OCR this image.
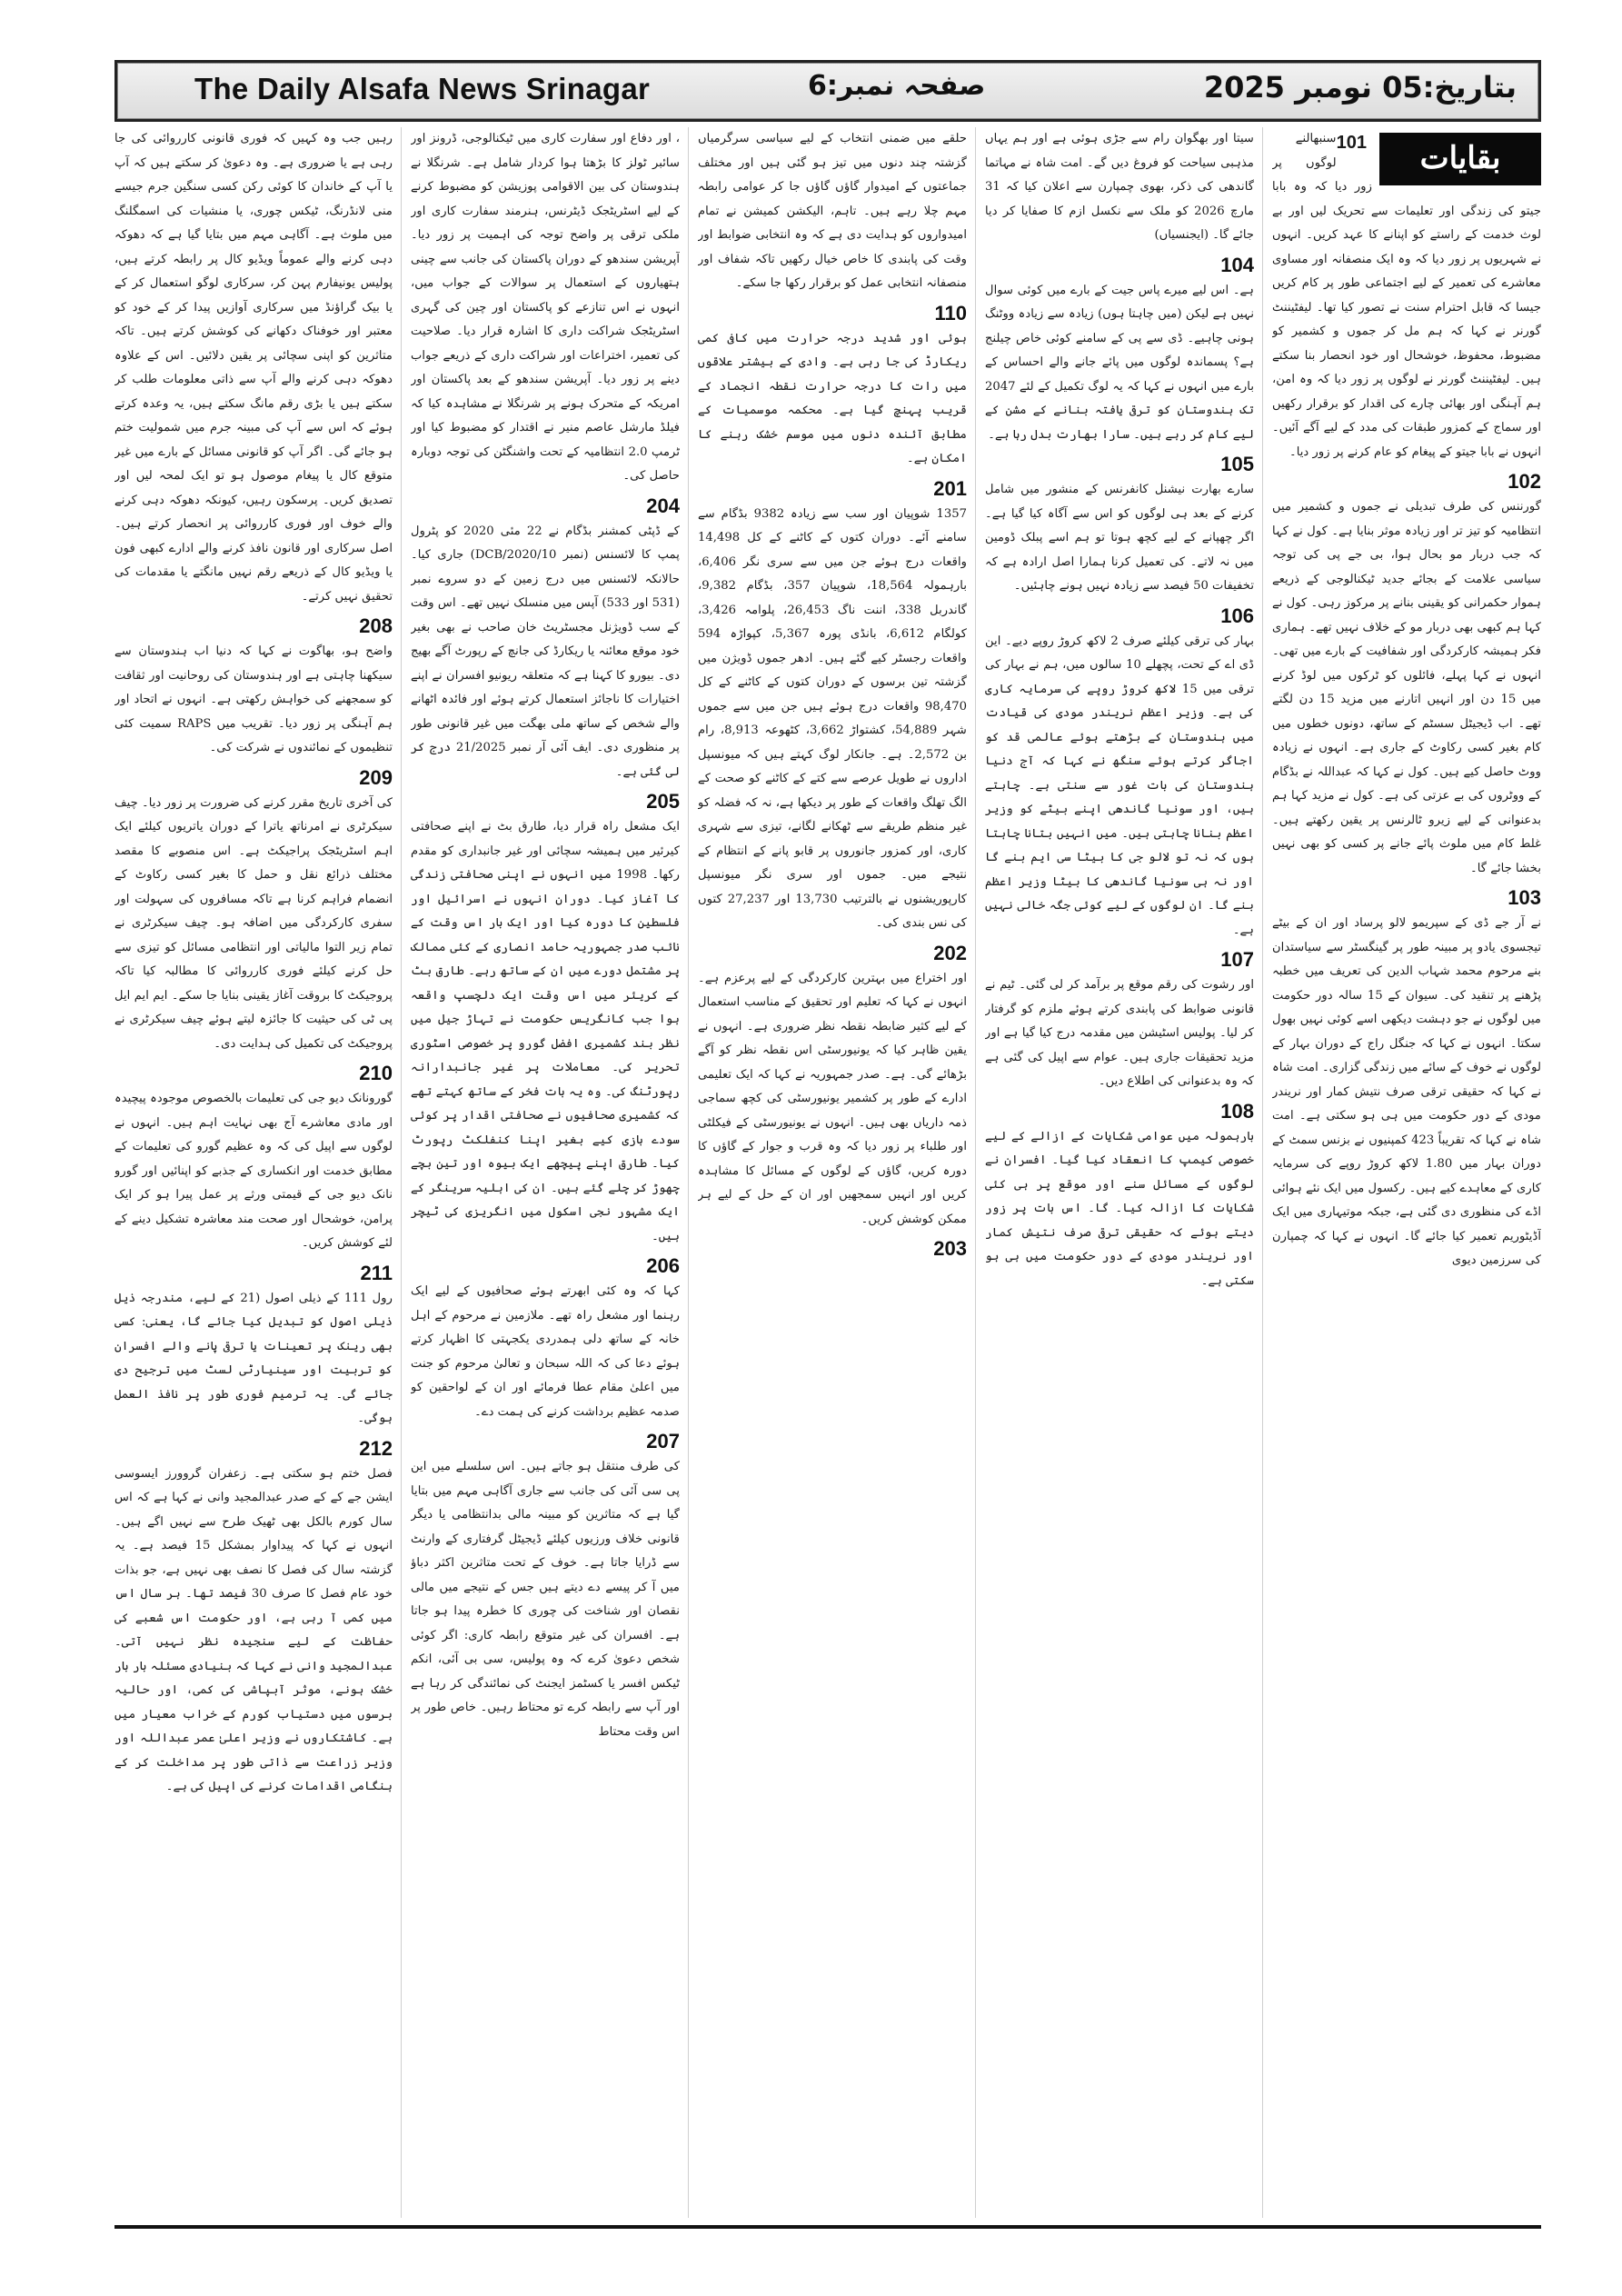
The Daily Alsafa News Srinagar	صفحہ نمبر:6	بتاریخ:05 نومبر 2025
بقایات
101

سنبھالنے لوگوں پر زور دیا کہ وہ بابا جیتو کی زندگی اور تعلیمات سے تحریک لیں اور بے لوث خدمت کے راستے کو اپنانے کا عہد کریں۔ انہوں نے شہریوں پر زور دیا کہ وہ ایک منصفانہ اور مساوی معاشرے کی تعمیر کے لیے اجتماعی طور پر کام کریں جیسا کہ قابل احترام سنت نے تصور کیا تھا۔ لیفٹیننٹ گورنر نے کہا کہ ہم مل کر جموں و کشمیر کو مضبوط، محفوظ، خوشحال اور خود انحصار بنا سکتے ہیں۔ لیفٹیننٹ گورنر نے لوگوں پر زور دیا کہ وہ امن، ہم آہنگی اور بھائی چارے کی اقدار کو برقرار رکھیں اور سماج کے کمزور طبقات کی مدد کے لیے آگے آئیں۔ انہوں نے بابا جیتو کے پیغام کو عام کرنے پر زور دیا۔

102

گورننس کی طرف تبدیلی نے جموں و کشمیر میں انتظامیہ کو تیز تر اور زیادہ موثر بنایا ہے۔ کول نے کہا کہ جب دربار مو بحال ہوا، بی جے پی کی توجہ سیاسی علامت کے بجائے جدید ٹیکنالوجی کے ذریعے ہموار حکمرانی کو یقینی بنانے پر مرکوز رہی۔ کول نے کہا ہم کبھی بھی دربار مو کے خلاف نہیں تھے۔ ہماری فکر ہمیشہ کارکردگی اور شفافیت کے بارے میں تھی۔ انہوں نے کہا پہلے، فائلوں کو ٹرکوں میں لوڈ کرنے میں 15 دن اور انہیں اتارنے میں مزید 15 دن لگتے تھے۔ اب ڈیجیٹل سسٹم کے ساتھ، دونوں خطوں میں کام بغیر کسی رکاوٹ کے جاری ہے۔ انہوں نے زیادہ ووٹ حاصل کیے ہیں۔ کول نے کہا کہ عبداللہ نے بڈگام کے ووٹروں کی بے عزتی کی ہے۔ کول نے مزید کہا ہم بدعنوانی کے لیے زیرو ٹالرنس پر یقین رکھتے ہیں۔ غلط کام میں ملوث پائے جانے پر کسی کو بھی نہیں بخشا جائے گا۔

103

نے آر جے ڈی کے سپریمو لالو پرساد اور ان کے بیٹے تیجسوی یادو پر مبینہ طور پر گینگسٹر سے سیاستدان بنے مرحوم محمد شہاب الدین کی تعریف میں خطبہ پڑھنے پر تنقید کی۔ سیوان کے 15 سالہ دور حکومت میں لوگوں نے جو دہشت دیکھی اسے کوئی نہیں بھول سکتا۔ انہوں نے کہا کہ جنگل راج کے دوران بہار کے لوگوں نے خوف کے سائے میں زندگی گزاری۔ امت شاہ نے کہا کہ حقیقی ترقی صرف نتیش کمار اور نریندر مودی کے دور حکومت میں ہی ہو سکتی ہے۔ امت شاہ نے کہا کہ تقریباً 423 کمپنیوں نے بزنس سمٹ کے دوران بہار میں 1.80 لاکھ کروڑ روپے کی سرمایہ کاری کے معاہدے کیے ہیں۔ رکسول میں ایک نئے ہوائی اڈے کی منظوری دی گئی ہے، جبکہ موتیہاری میں ایک آڈیٹوریم تعمیر کیا جائے گا۔ انہوں نے کہا کہ چمپارن کی سرزمین دیوی

سیتا اور بھگوان رام سے جڑی ہوئی ہے اور ہم یہاں مذہبی سیاحت کو فروغ دیں گے۔ امت شاہ نے مہاتما گاندھی کی ذکر، بھوی چمپارن سے اعلان کیا کہ 31 مارچ 2026 کو ملک سے نکسل ازم کا صفایا کر دیا جائے گا۔ (ایجنسیاں)

104

ہے۔ اس لیے میرے پاس جیت کے بارے میں کوئی سوال نہیں ہے لیکن (میں چاہتا ہوں) زیادہ سے زیادہ ووٹنگ ہونی چاہیے۔ ڈی سے پی کے سامنے کوئی خاص چیلنج ہے؟ پسماندہ لوگوں میں پائے جانے والے احساس کے بارے میں انہوں نے کہا کہ یہ لوگ تکمیل کے لئے 2047 تک ہندوستان کو ترقی یافتہ بنانے کے مشن کے لیے کام کر رہے ہیں۔ سارا بھارت بدل رہا ہے۔

105

سارے بھارت نیشنل کانفرنس کے منشور میں شامل کرنے کے بعد ہی لوگوں کو اس سے آگاہ کیا گیا ہے۔ اگر چھپانے کے لیے کچھ ہوتا تو ہم اسے پبلک ڈومین میں نہ لاتے۔ کی تعمیل کرنا ہمارا اصل ارادہ ہے کہ تخفیفات 50 فیصد سے زیادہ نہیں ہونے چاہئیں۔

106

بہار کی ترقی کیلئے صرف 2 لاکھ کروڑ روپے دیے۔ این ڈی اے کے تحت، پچھلے 10 سالوں میں، ہم نے بہار کی ترقی میں 15 لاکھ کروڑ روپے کی سرمایہ کاری کی ہے۔ وزیر اعظم نریندر مودی کی قیادت میں ہندوستان کے بڑھتے ہوئے عالمی قد کو اجاگر کرتے ہوئے سنگھ نے کہا کہ آج دنیا ہندوستان کی بات غور سے سنتی ہے۔ چاہتے ہیں، اور سونیا گاندھی اپنے بیٹے کو وزیر اعظم بنانا چاہتی ہیں۔ میں انہیں بتانا چاہتا ہوں کہ نہ تو لالو جی کا بیٹا سی ایم بنے گا اور نہ ہی سونیا گاندھی کا بیٹا وزیر اعظم بنے گا۔ ان لوگوں کے لیے کوئی جگہ خالی نہیں ہے۔

107

اور رشوت کی رقم موقع پر برآمد کر لی گئی۔ ٹیم نے قانونی ضوابط کی پابندی کرتے ہوئے ملزم کو گرفتار کر لیا۔ پولیس اسٹیشن میں مقدمہ درج کیا گیا ہے اور مزید تحقیقات جاری ہیں۔ عوام سے اپیل کی گئی ہے کہ وہ بدعنوانی کی اطلاع دیں۔

108

بارہمولہ میں عوامی شکایات کے ازالے کے لیے خصوصی کیمپ کا انعقاد کیا گیا۔ افسران نے لوگوں کے مسائل سنے اور موقع پر ہی کئی شکایات کا ازالہ کیا۔ گا۔ اس بات پر زور دیتے ہوئے کہ حقیقی ترقی صرف نتیش کمار اور نریندر مودی کے دور حکومت میں ہی ہو سکتی ہے۔

حلقے میں ضمنی انتخاب کے لیے سیاسی سرگرمیاں گزشتہ چند دنوں میں تیز ہو گئی ہیں اور مختلف جماعتوں کے امیدوار گاؤں گاؤں جا کر عوامی رابطہ مہم چلا رہے ہیں۔ تاہم، الیکشن کمیشن نے تمام امیدواروں کو ہدایت دی ہے کہ وہ انتخابی ضوابط اور وقت کی پابندی کا خاص خیال رکھیں تاکہ شفاف اور منصفانہ انتخابی عمل کو برقرار رکھا جا سکے۔

110

ہوئی اور شدید درجہ حرارت میں کافی کمی ریکارڈ کی جا رہی ہے۔ وادی کے بیشتر علاقوں میں رات کا درجہ حرارت نقطہ انجماد کے قریب پہنچ گیا ہے۔ محکمہ موسمیات کے مطابق آئندہ دنوں میں موسم خشک رہنے کا امکان ہے۔

201

1357 شوپیان اور سب سے زیادہ 9382 بڈگام سے سامنے آئے۔ دوران کتوں کے کاٹنے کے کل 14,498 واقعات درج ہوئے جن میں سے سری نگر 6,406، بارہمولہ 18,564، شوپیان 357، بڈگام 9,382، گاندربل 338، اننت ناگ 26,453، پلوامہ 3,426، کولگام 6,612، بانڈی پورہ 5,367، کپواڑہ 594 واقعات رجسٹر کیے گئے ہیں۔ ادھر جموں ڈویژن میں گزشتہ تین برسوں کے دوران کتوں کے کاٹنے کے کل 98,470 واقعات درج ہوئے ہیں جن میں سے جموں شہر 54,889، کشتواڑ 3,662، کٹھوعہ 8,913، رام بن 2,572۔ ہے۔ جانکار لوگ کہتے ہیں کہ میونسپل اداروں نے طویل عرصے سے کتے کے کاٹنے کو صحت کے الگ تھلگ واقعات کے طور پر دیکھا ہے، نہ کہ فضلہ کو غیر منظم طریقے سے ٹھکانے لگانے، تیزی سے شہری کاری، اور کمزور جانوروں پر قابو پانے کے انتظام کے نتیجے میں۔ جموں اور سری نگر میونسپل کارپوریشنوں نے بالترتیب 13,730 اور 27,237 کتوں کی نس بندی کی۔

202

اور اختراع میں بہترین کارکردگی کے لیے پرعزم ہے۔ انہوں نے کہا کہ تعلیم اور تحقیق کے مناسب استعمال کے لیے کثیر ضابطہ نقطہ نظر ضروری ہے۔ انہوں نے یقین ظاہر کیا کہ یونیورسٹی اس نقطہ نظر کو آگے بڑھائے گی۔ ہے۔ صدر جمہوریہ نے کہا کہ ایک تعلیمی ادارے کے طور پر کشمیر یونیورسٹی کی کچھ سماجی ذمہ داریاں بھی ہیں۔ انہوں نے یونیورسٹی کے فیکلٹی اور طلباء پر زور دیا کہ وہ قرب و جوار کے گاؤں کا دورہ کریں، گاؤں کے لوگوں کے مسائل کا مشاہدہ کریں اور انہیں سمجھیں اور ان کے حل کے لیے ہر ممکن کوشش کریں۔

203

، اور دفاع اور سفارت کاری میں ٹیکنالوجی، ڈرونز اور سائبر ٹولز کا بڑھتا ہوا کردار شامل ہے۔ شرنگلا نے ہندوستان کی بین الاقوامی پوزیشن کو مضبوط کرنے کے لیے اسٹریٹجک ڈیٹرنس، ہنرمند سفارت کاری اور ملکی ترقی پر واضح توجہ کی اہمیت پر زور دیا۔ آپریشن سندھو کے دوران پاکستان کی جانب سے چینی ہتھیاروں کے استعمال پر سوالات کے جواب میں، انہوں نے اس تنازعے کو پاکستان اور چین کی گہری اسٹریٹجک شراکت داری کا اشارہ قرار دیا۔ صلاحیت کی تعمیر، اختراعات اور شراکت داری کے ذریعے جواب دینے پر زور دیا۔ آپریشن سندھو کے بعد پاکستان اور امریکہ کے متحرک ہونے پر شرنگلا نے مشاہدہ کیا کہ فیلڈ مارشل عاصم منیر نے اقتدار کو مضبوط کیا اور ٹرمپ 2.0 انتظامیہ کے تحت واشنگٹن کی توجہ دوبارہ حاصل کی۔

204

کے ڈپٹی کمشنر بڈگام نے 22 مئی 2020 کو پٹرول پمپ کا لائسنس (نمبر DCB/2020/10) جاری کیا۔ حالانکہ لائسنس میں درج زمین کے دو سروے نمبر (531 اور 533) آپس میں منسلک نہیں تھے۔ اس وقت کے سب ڈویژنل مجسٹریٹ خان صاحب نے بھی بغیر خود موقع معائنہ یا ریکارڈ کی جانچ کے رپورٹ آگے بھیج دی۔ بیورو کا کہنا ہے کہ متعلقہ ریونیو افسران نے اپنے اختیارات کا ناجائز استعمال کرتے ہوئے اور فائدہ اٹھانے والے شخص کے ساتھ ملی بھگت میں غیر قانونی طور پر منظوری دی۔ ایف آئی آر نمبر 21/2025 درج کر لی گئی ہے۔

205

ایک مشعل راہ قرار دیا، طارق بٹ نے اپنے صحافتی کیرئیر میں ہمیشہ سچائی اور غیر جانبداری کو مقدم رکھا۔ 1998 میں انہوں نے اپنی صحافتی زندگی کا آغاز کیا۔ دوران انہوں نے اسرائیل اور فلسطین کا دورہ کیا اور ایک بار اس وقت کے نائب صدر جمہوریہ حامد انصاری کے کئی ممالک پر مشتمل دورے میں ان کے ساتھ رہے۔ طارق بٹ کے کریئر میں اس وقت ایک دلچسپ واقعہ ہوا جب کانگریس حکومت نے تہاڑ جیل میں نظر بند کشمیری افضل گورو پر خصوصی اسٹوری تحریر کی۔ معاملات پر غیر جانبدارانہ رپورٹنگ کی۔ وہ یہ بات فخر کے ساتھ کہتے تھے کہ کشمیری صحافیوں نے صحافتی اقدار پر کوئی سودے بازی کیے بغیر اپنا کنفلکٹ رپورٹ کیا۔ طارق اپنے پیچھے ایک بیوہ اور تین بچے چھوڑ کر چلے گئے ہیں۔ ان کی اہلیہ سرینگر کے ایک مشہور نجی اسکول میں انگریزی کی ٹیچر ہیں۔

206

کہا کہ وہ کئی ابھرتے ہوئے صحافیوں کے لیے ایک رہنما اور مشعل راہ تھے۔ ملازمین نے مرحوم کے اہل خانہ کے ساتھ دلی ہمدردی یکجہتی کا اظہار کرتے ہوئے دعا کی کہ اللہ سبحان و تعالیٰ مرحوم کو جنت میں اعلیٰ مقام عطا فرمائے اور ان کے لواحقین کو صدمہ عظیم برداشت کرنے کی ہمت دے۔

207

کی طرف منتقل ہو جاتے ہیں۔ اس سلسلے میں این پی سی آئی کی جانب سے جاری آگاہی مہم میں بتایا گیا ہے کہ متاثرین کو مبینہ مالی بدانتظامی یا دیگر قانونی خلاف ورزیوں کیلئے ڈیجیٹل گرفتاری کے وارنٹ سے ڈرایا جاتا ہے۔ خوف کے تحت متاثرین اکثر دباؤ میں آ کر پیسے دے دیتے ہیں جس کے نتیجے میں مالی نقصان اور شناخت کی چوری کا خطرہ پیدا ہو جاتا ہے۔ افسران کی غیر متوقع رابطہ کاری: اگر کوئی شخص دعویٰ کرے کہ وہ پولیس، سی بی آئی، انکم ٹیکس افسر یا کسٹمز ایجنٹ کی نمائندگی کر رہا ہے اور آپ سے رابطہ کرے تو محتاط رہیں۔ خاص طور پر اس وقت محتاط

رہیں جب وہ کہیں کہ فوری قانونی کارروائی کی جا رہی ہے یا ضروری ہے۔ وہ دعویٰ کر سکتے ہیں کہ آپ یا آپ کے خاندان کا کوئی رکن کسی سنگین جرم جیسے منی لانڈرنگ، ٹیکس چوری، یا منشیات کی اسمگلنگ میں ملوث ہے۔ آگاہی مہم میں بتایا گیا ہے کہ دھوکہ دہی کرنے والے عموماً ویڈیو کال پر رابطہ کرتے ہیں، پولیس یونیفارم پہن کر، سرکاری لوگو استعمال کر کے یا بیک گراؤنڈ میں سرکاری آوازیں پیدا کر کے خود کو معتبر اور خوفناک دکھانے کی کوشش کرتے ہیں۔ تاکہ متاثرین کو اپنی سچائی پر یقین دلائیں۔ اس کے علاوہ دھوکہ دہی کرنے والے آپ سے ذاتی معلومات طلب کر سکتے ہیں یا بڑی رقم مانگ سکتے ہیں، یہ وعدہ کرتے ہوئے کہ اس سے آپ کی مبینہ جرم میں شمولیت ختم ہو جائے گی۔ اگر آپ کو قانونی مسائل کے بارے میں غیر متوقع کال یا پیغام موصول ہو تو ایک لمحہ لیں اور تصدیق کریں۔ پرسکون رہیں، کیونکہ دھوکہ دہی کرنے والے خوف اور فوری کارروائی پر انحصار کرتے ہیں۔ اصل سرکاری اور قانون نافذ کرنے والے ادارے کبھی فون یا ویڈیو کال کے ذریعے رقم نہیں مانگتے یا مقدمات کی تحقیق نہیں کرتے۔

208

واضح ہو، بھاگوت نے کہا کہ دنیا اب ہندوستان سے سیکھنا چاہتی ہے اور ہندوستان کی روحانیت اور ثقافت کو سمجھنے کی خواہش رکھتی ہے۔ انہوں نے اتحاد اور ہم آہنگی پر زور دیا۔ تقریب میں RAPS سمیت کئی تنظیموں کے نمائندوں نے شرکت کی۔

209

کی آخری تاریخ مقرر کرنے کی ضرورت پر زور دیا۔ چیف سیکرٹری نے امرناتھ یاترا کے دوران یاتریوں کیلئے ایک اہم اسٹریٹجک پراجیکٹ ہے۔ اس منصوبے کا مقصد مختلف ذرائع نقل و حمل کا بغیر کسی رکاوٹ کے انضمام فراہم کرنا ہے تاکہ مسافروں کی سہولت اور سفری کارکردگی میں اضافہ ہو۔ چیف سیکرٹری نے تمام زیر التوا مالیاتی اور انتظامی مسائل کو تیزی سے حل کرنے کیلئے فوری کارروائی کا مطالبہ کیا تاکہ پروجیکٹ کا بروقت آغاز یقینی بنایا جا سکے۔ ایم ایم ایل پی ٹی کی حیثیت کا جائزہ لیتے ہوئے چیف سیکرٹری نے پروجیکٹ کی تکمیل کی ہدایت دی۔

210

گورونانک دیو جی کی تعلیمات بالخصوص موجودہ پیچیدہ اور مادی معاشرے آج بھی نہایت اہم ہیں۔ انہوں نے لوگوں سے اپیل کی کہ وہ عظیم گورو کی تعلیمات کے مطابق خدمت اور انکساری کے جذبے کو اپنائیں اور گورو نانک دیو جی کے قیمتی ورثے پر عمل پیرا ہو کر ایک پرامن، خوشحال اور صحت مند معاشرہ تشکیل دینے کے لئے کوشش کریں۔

211

رول 111 کے ذیلی اصول (21 کے لیے، مندرجہ ذیل ذیلی اصول کو تبدیل کیا جائے گا، یعنی: کسی بھی رینک پر تعینات یا ترقی پانے والے افسران کو تربیت اور سینیارٹی لسٹ میں ترجیح دی جائے گی۔ یہ ترمیم فوری طور پر نافذ العمل ہوگی۔

212

فصل ختم ہو سکتی ہے۔ زعفران گروورز ایسوسی ایشن جے کے کے صدر عبدالمجید وانی نے کہا ہے کہ اس سال کورم بالکل بھی ٹھیک طرح سے نہیں اگے ہیں۔ انہوں نے کہا کہ پیداوار بمشکل 15 فیصد ہے۔ یہ گزشتہ سال کی فصل کا نصف بھی نہیں ہے، جو بذات خود عام فصل کا صرف 30 فیصد تھا۔ ہر سال اس میں کمی آ رہی ہے، اور حکومت اس شعبے کی حفاظت کے لیے سنجیدہ نظر نہیں آتی۔ عبدالمجید وانی نے کہا کہ بنیادی مسئلہ بار بار خشک ہونے، موثر آبپاشی کی کمی، اور حالیہ برسوں میں دستیاب کورم کے خراب معیار میں ہے۔ کاشتکاروں نے وزیر اعلیٰ عمر عبداللہ اور وزیر زراعت سے ذاتی طور پر مداخلت کر کے ہنگامی اقدامات کرنے کی اپیل کی ہے۔
